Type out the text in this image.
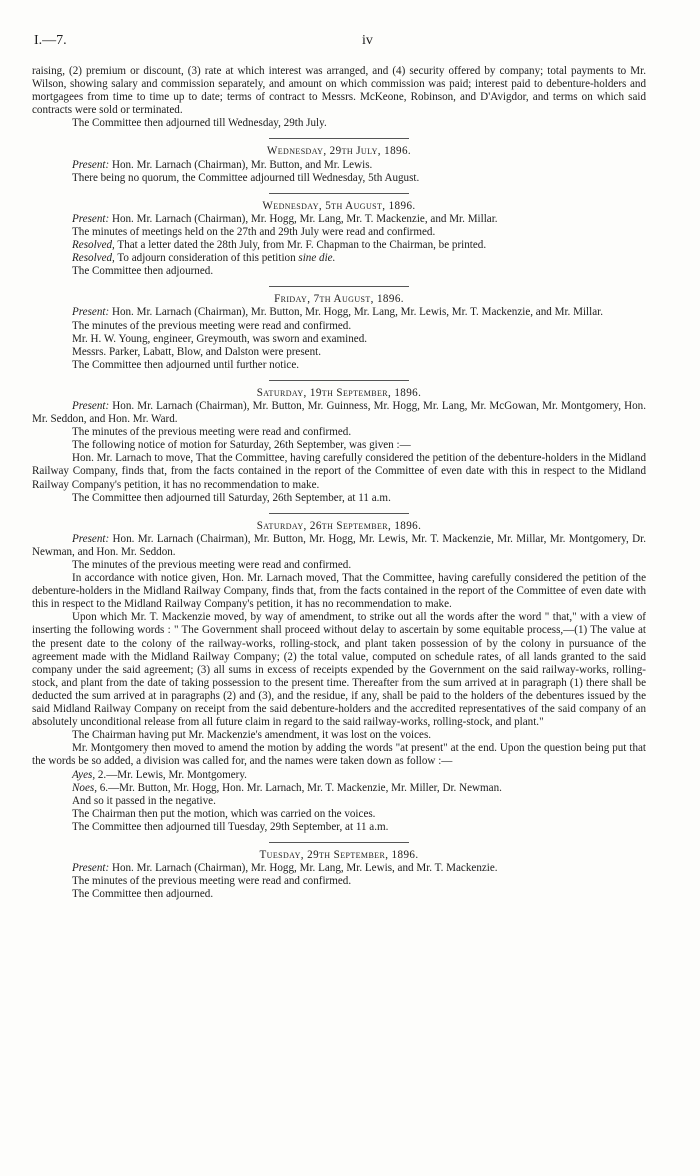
I.—7.	iv

raising, (2) premium or discount, (3) rate at which interest was arranged, and (4) security offered by company; total payments to Mr. Wilson, showing salary and commission separately, and amount on which commission was paid; interest paid to debenture-holders and mortgagees from time to time up to date; terms of contract to Messrs. McKeone, Robinson, and D'Avigdor, and terms on which said contracts were sold or terminated.

The Committee then adjourned till Wednesday, 29th July.

Wednesday, 29th July, 1896.

Present: Hon. Mr. Larnach (Chairman), Mr. Button, and Mr. Lewis.

There being no quorum, the Committee adjourned till Wednesday, 5th August.

Wednesday, 5th August, 1896.

Present: Hon. Mr. Larnach (Chairman), Mr. Hogg, Mr. Lang, Mr. T. Mackenzie, and Mr. Millar.

The minutes of meetings held on the 27th and 29th July were read and confirmed.

Resolved, That a letter dated the 28th July, from Mr. F. Chapman to the Chairman, be printed.

Resolved, To adjourn consideration of this petition sine die.

The Committee then adjourned.

Friday, 7th August, 1896.

Present: Hon. Mr. Larnach (Chairman), Mr. Button, Mr. Hogg, Mr. Lang, Mr. Lewis, Mr. T. Mackenzie, and Mr. Millar.

The minutes of the previous meeting were read and confirmed.

Mr. H. W. Young, engineer, Greymouth, was sworn and examined.

Messrs. Parker, Labatt, Blow, and Dalston were present.

The Committee then adjourned until further notice.

Saturday, 19th September, 1896.

Present: Hon. Mr. Larnach (Chairman), Mr. Button, Mr. Guinness, Mr. Hogg, Mr. Lang, Mr. McGowan, Mr. Montgomery, Hon. Mr. Seddon, and Hon. Mr. Ward.

The minutes of the previous meeting were read and confirmed.

The following notice of motion for Saturday, 26th September, was given :—

Hon. Mr. Larnach to move, That the Committee, having carefully considered the petition of the debenture-holders in the Midland Railway Company, finds that, from the facts contained in the report of the Committee of even date with this in respect to the Midland Railway Company's petition, it has no recommendation to make.

The Committee then adjourned till Saturday, 26th September, at 11 a.m.

Saturday, 26th September, 1896.

Present: Hon. Mr. Larnach (Chairman), Mr. Button, Mr. Hogg, Mr. Lewis, Mr. T. Mackenzie, Mr. Millar, Mr. Montgomery, Dr. Newman, and Hon. Mr. Seddon.

The minutes of the previous meeting were read and confirmed.

In accordance with notice given, Hon. Mr. Larnach moved, That the Committee, having carefully considered the petition of the debenture-holders in the Midland Railway Company, finds that, from the facts contained in the report of the Committee of even date with this in respect to the Midland Railway Company's petition, it has no recommendation to make.

Upon which Mr. T. Mackenzie moved, by way of amendment, to strike out all the words after the word " that," with a view of inserting the following words : " The Government shall proceed without delay to ascertain by some equitable process,—(1) The value at the present date to the colony of the railway-works, rolling-stock, and plant taken possession of by the colony in pursuance of the agreement made with the Midland Railway Company; (2) the total value, computed on schedule rates, of all lands granted to the said company under the said agreement; (3) all sums in excess of receipts expended by the Government on the said railway-works, rolling-stock, and plant from the date of taking possession to the present time. Thereafter from the sum arrived at in paragraph (1) there shall be deducted the sum arrived at in paragraphs (2) and (3), and the residue, if any, shall be paid to the holders of the debentures issued by the said Midland Railway Company on receipt from the said debenture-holders and the accredited representatives of the said company of an absolutely unconditional release from all future claim in regard to the said railway-works, rolling-stock, and plant."

The Chairman having put Mr. Mackenzie's amendment, it was lost on the voices.

Mr. Montgomery then moved to amend the motion by adding the words "at present" at the end. Upon the question being put that the words be so added, a division was called for, and the names were taken down as follow :—

Ayes, 2.—Mr. Lewis, Mr. Montgomery.

Noes, 6.—Mr. Button, Mr. Hogg, Hon. Mr. Larnach, Mr. T. Mackenzie, Mr. Miller, Dr. Newman.

And so it passed in the negative.

The Chairman then put the motion, which was carried on the voices.

The Committee then adjourned till Tuesday, 29th September, at 11 a.m.

Tuesday, 29th September, 1896.

Present: Hon. Mr. Larnach (Chairman), Mr. Hogg, Mr. Lang, Mr. Lewis, and Mr. T. Mackenzie.

The minutes of the previous meeting were read and confirmed.

The Committee then adjourned.
